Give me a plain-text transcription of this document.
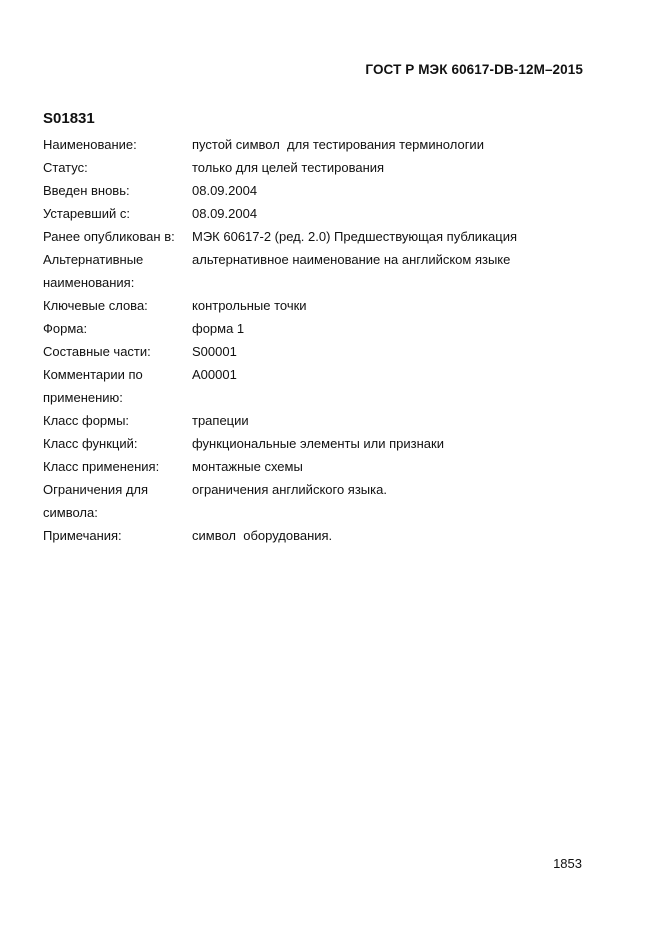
ГОСТ Р МЭК 60617-DB-12M–2015
S01831
Наименование:	пустой символ  для тестирования терминологии
Статус:	только для целей тестирования
Введен вновь:	08.09.2004
Устаревший с:	08.09.2004
Ранее опубликован в:	МЭК 60617-2 (ред. 2.0) Предшествующая публикация
Альтернативные	альтернативное наименование на английском языке
наименования:
Ключевые слова:	контрольные точки
Форма:	форма 1
Составные части:	S00001
Комментарии по	A00001
применению:
Класс формы:	трапеции
Класс функций:	функциональные элементы или признаки
Класс применения:	монтажные схемы
Ограничения для	ограничения английского языка.
символа:
Примечания:	символ  оборудования.
1853
